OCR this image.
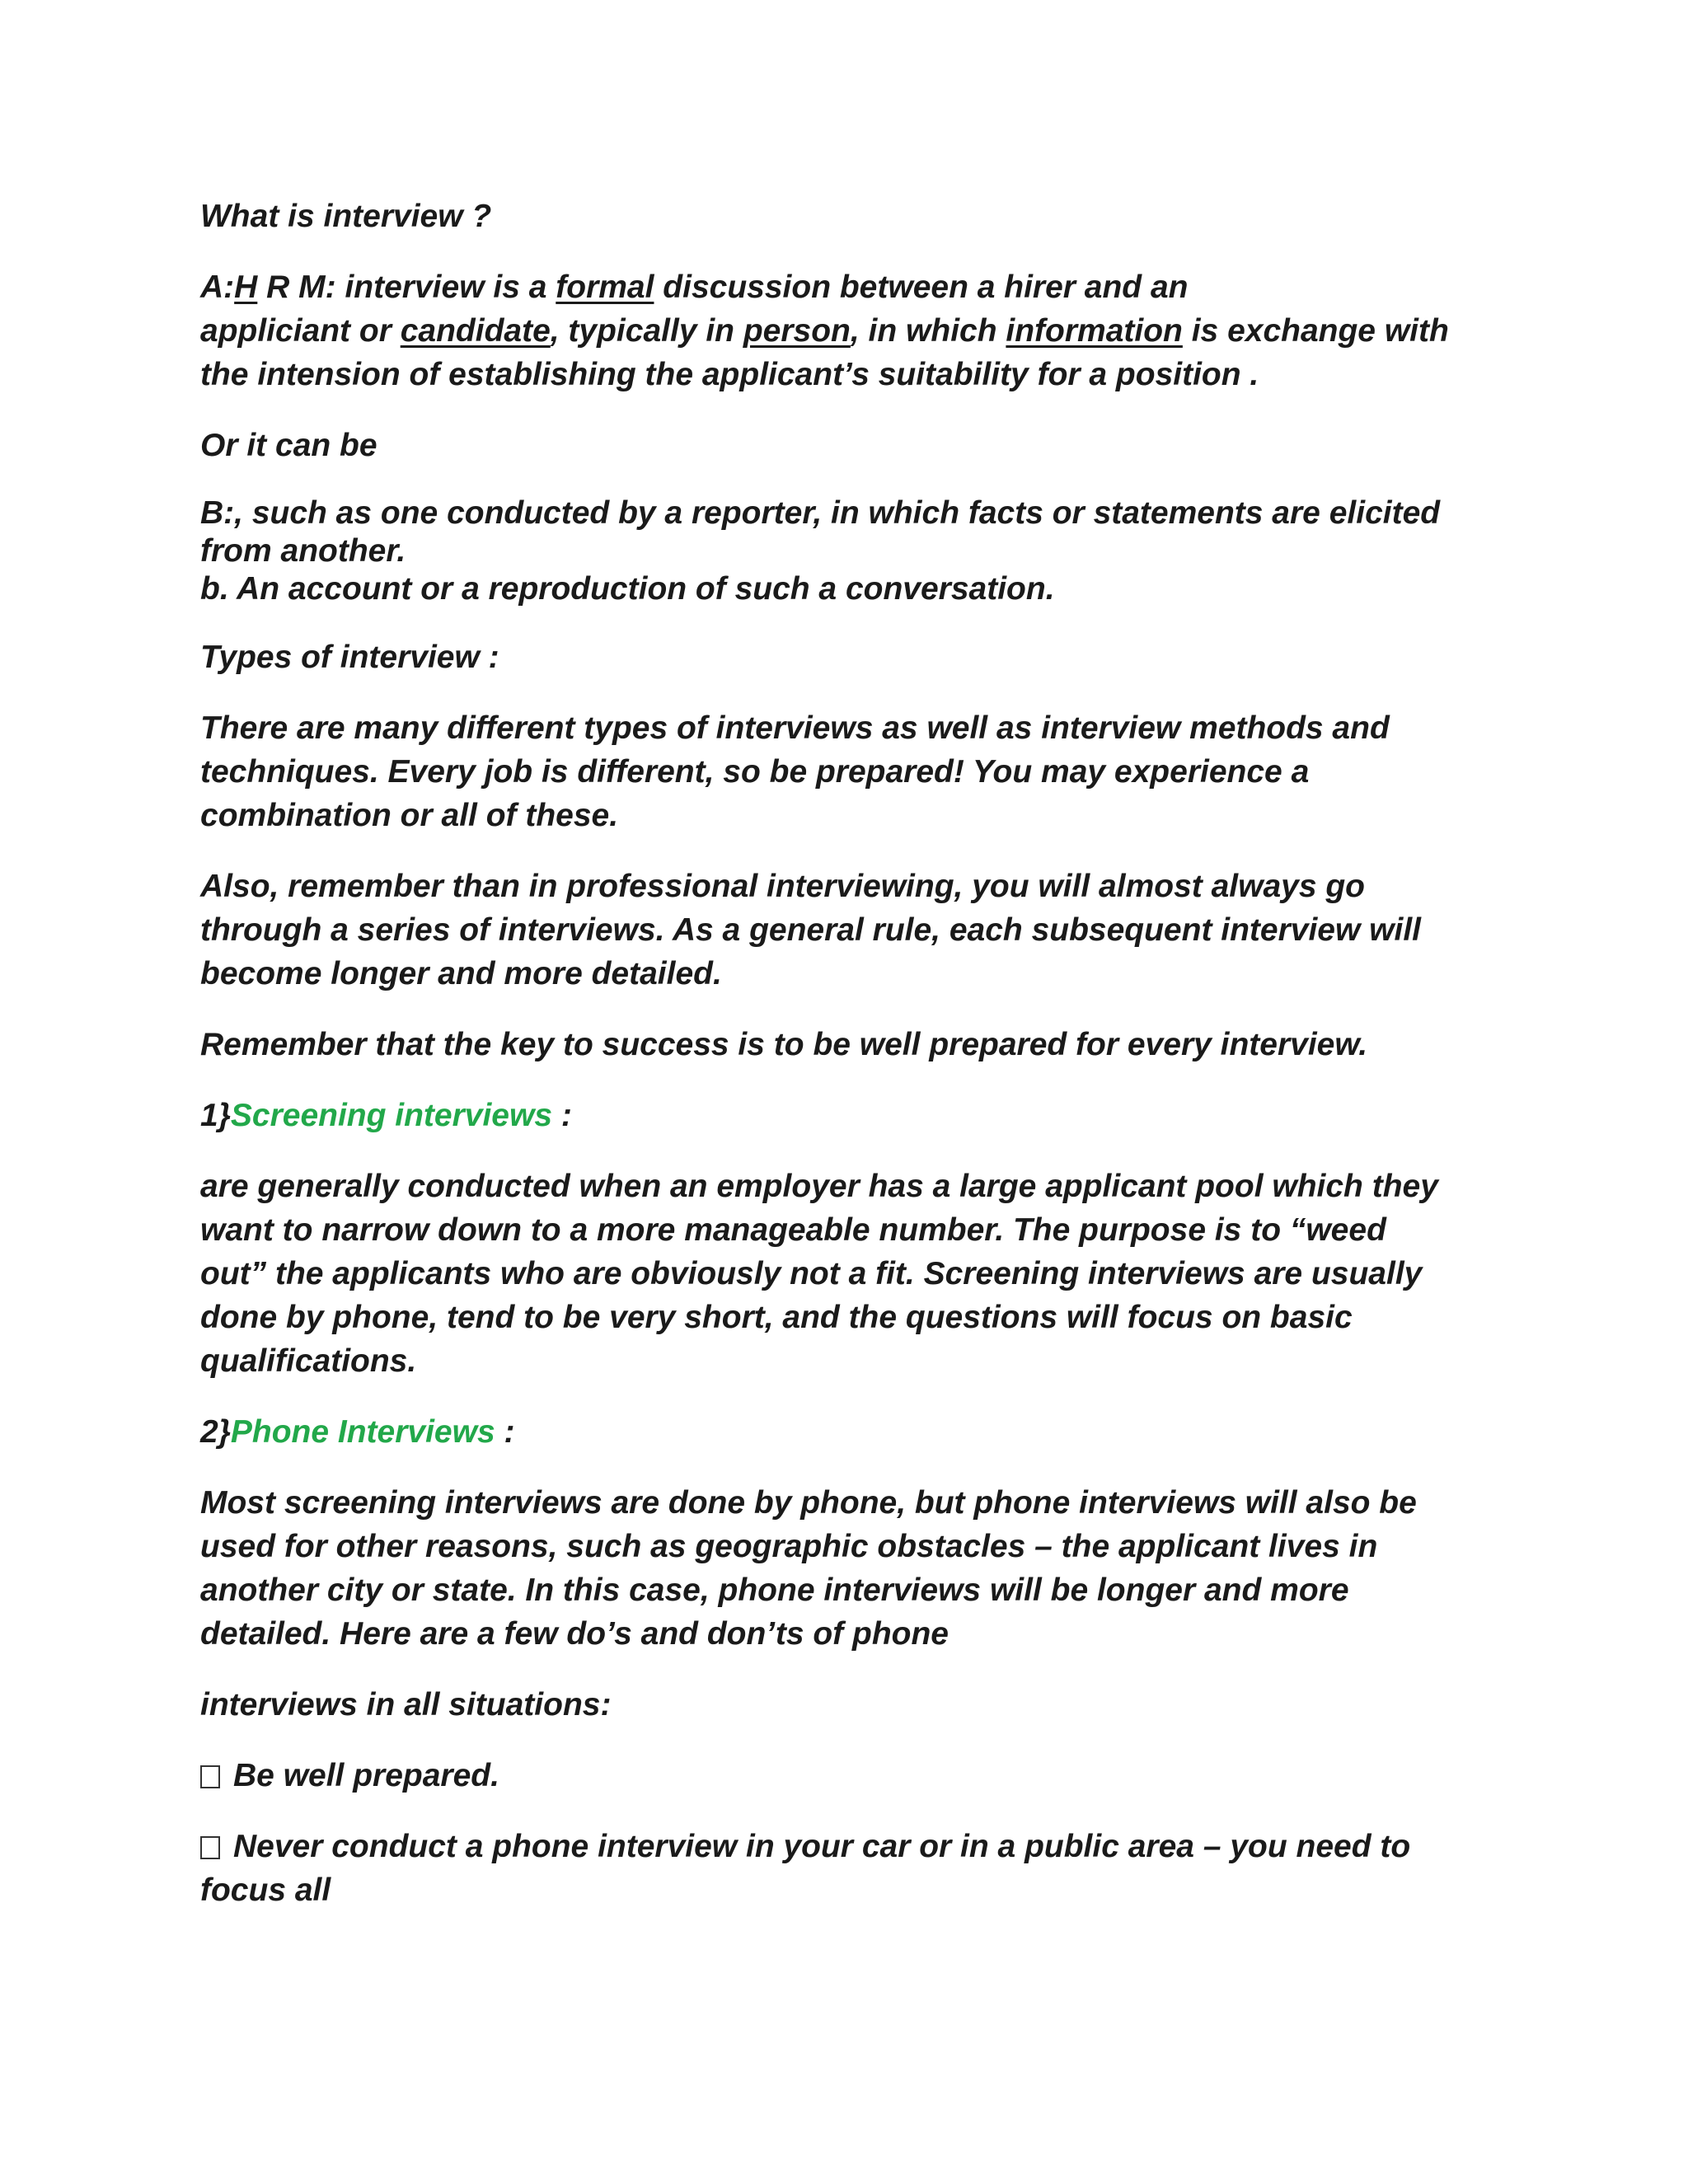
What is interview ?

A:H R M: interview is a formal discussion between a hirer and an

appliciant or candidate, typically in person, in which information is exchange with

the intension of establishing the applicant’s suitability for a position .

Or it can be

B:, such as one conducted by a reporter, in which facts or statements are elicited

from another.

b. An account or a reproduction of such a conversation.

Types of interview :

There are many different types of interviews as well as interview methods and

techniques. Every job is different, so be prepared! You may experience a

combination or all of these.

Also, remember than in professional interviewing, you will almost always go

through a series of interviews. As a general rule, each subsequent interview will

become longer and more detailed.

Remember that the key to success is to be well prepared for every interview.

1}Screening interviews :

are generally conducted when an employer has a large applicant pool which they

want to narrow down to a more manageable number. The purpose is to “weed

out” the applicants who are obviously not a fit. Screening interviews are usually

done by phone, tend to be very short, and the questions will focus on basic

qualifications.

2}Phone Interviews :

Most screening interviews are done by phone, but phone interviews will also be

used for other reasons, such as geographic obstacles – the applicant lives in

another city or state. In this case, phone interviews will be longer and more

detailed. Here are a few do’s and don’ts of phone

interviews in all situations:

Be well prepared.

Never conduct a phone interview in your car or in a public area – you need to

focus all
